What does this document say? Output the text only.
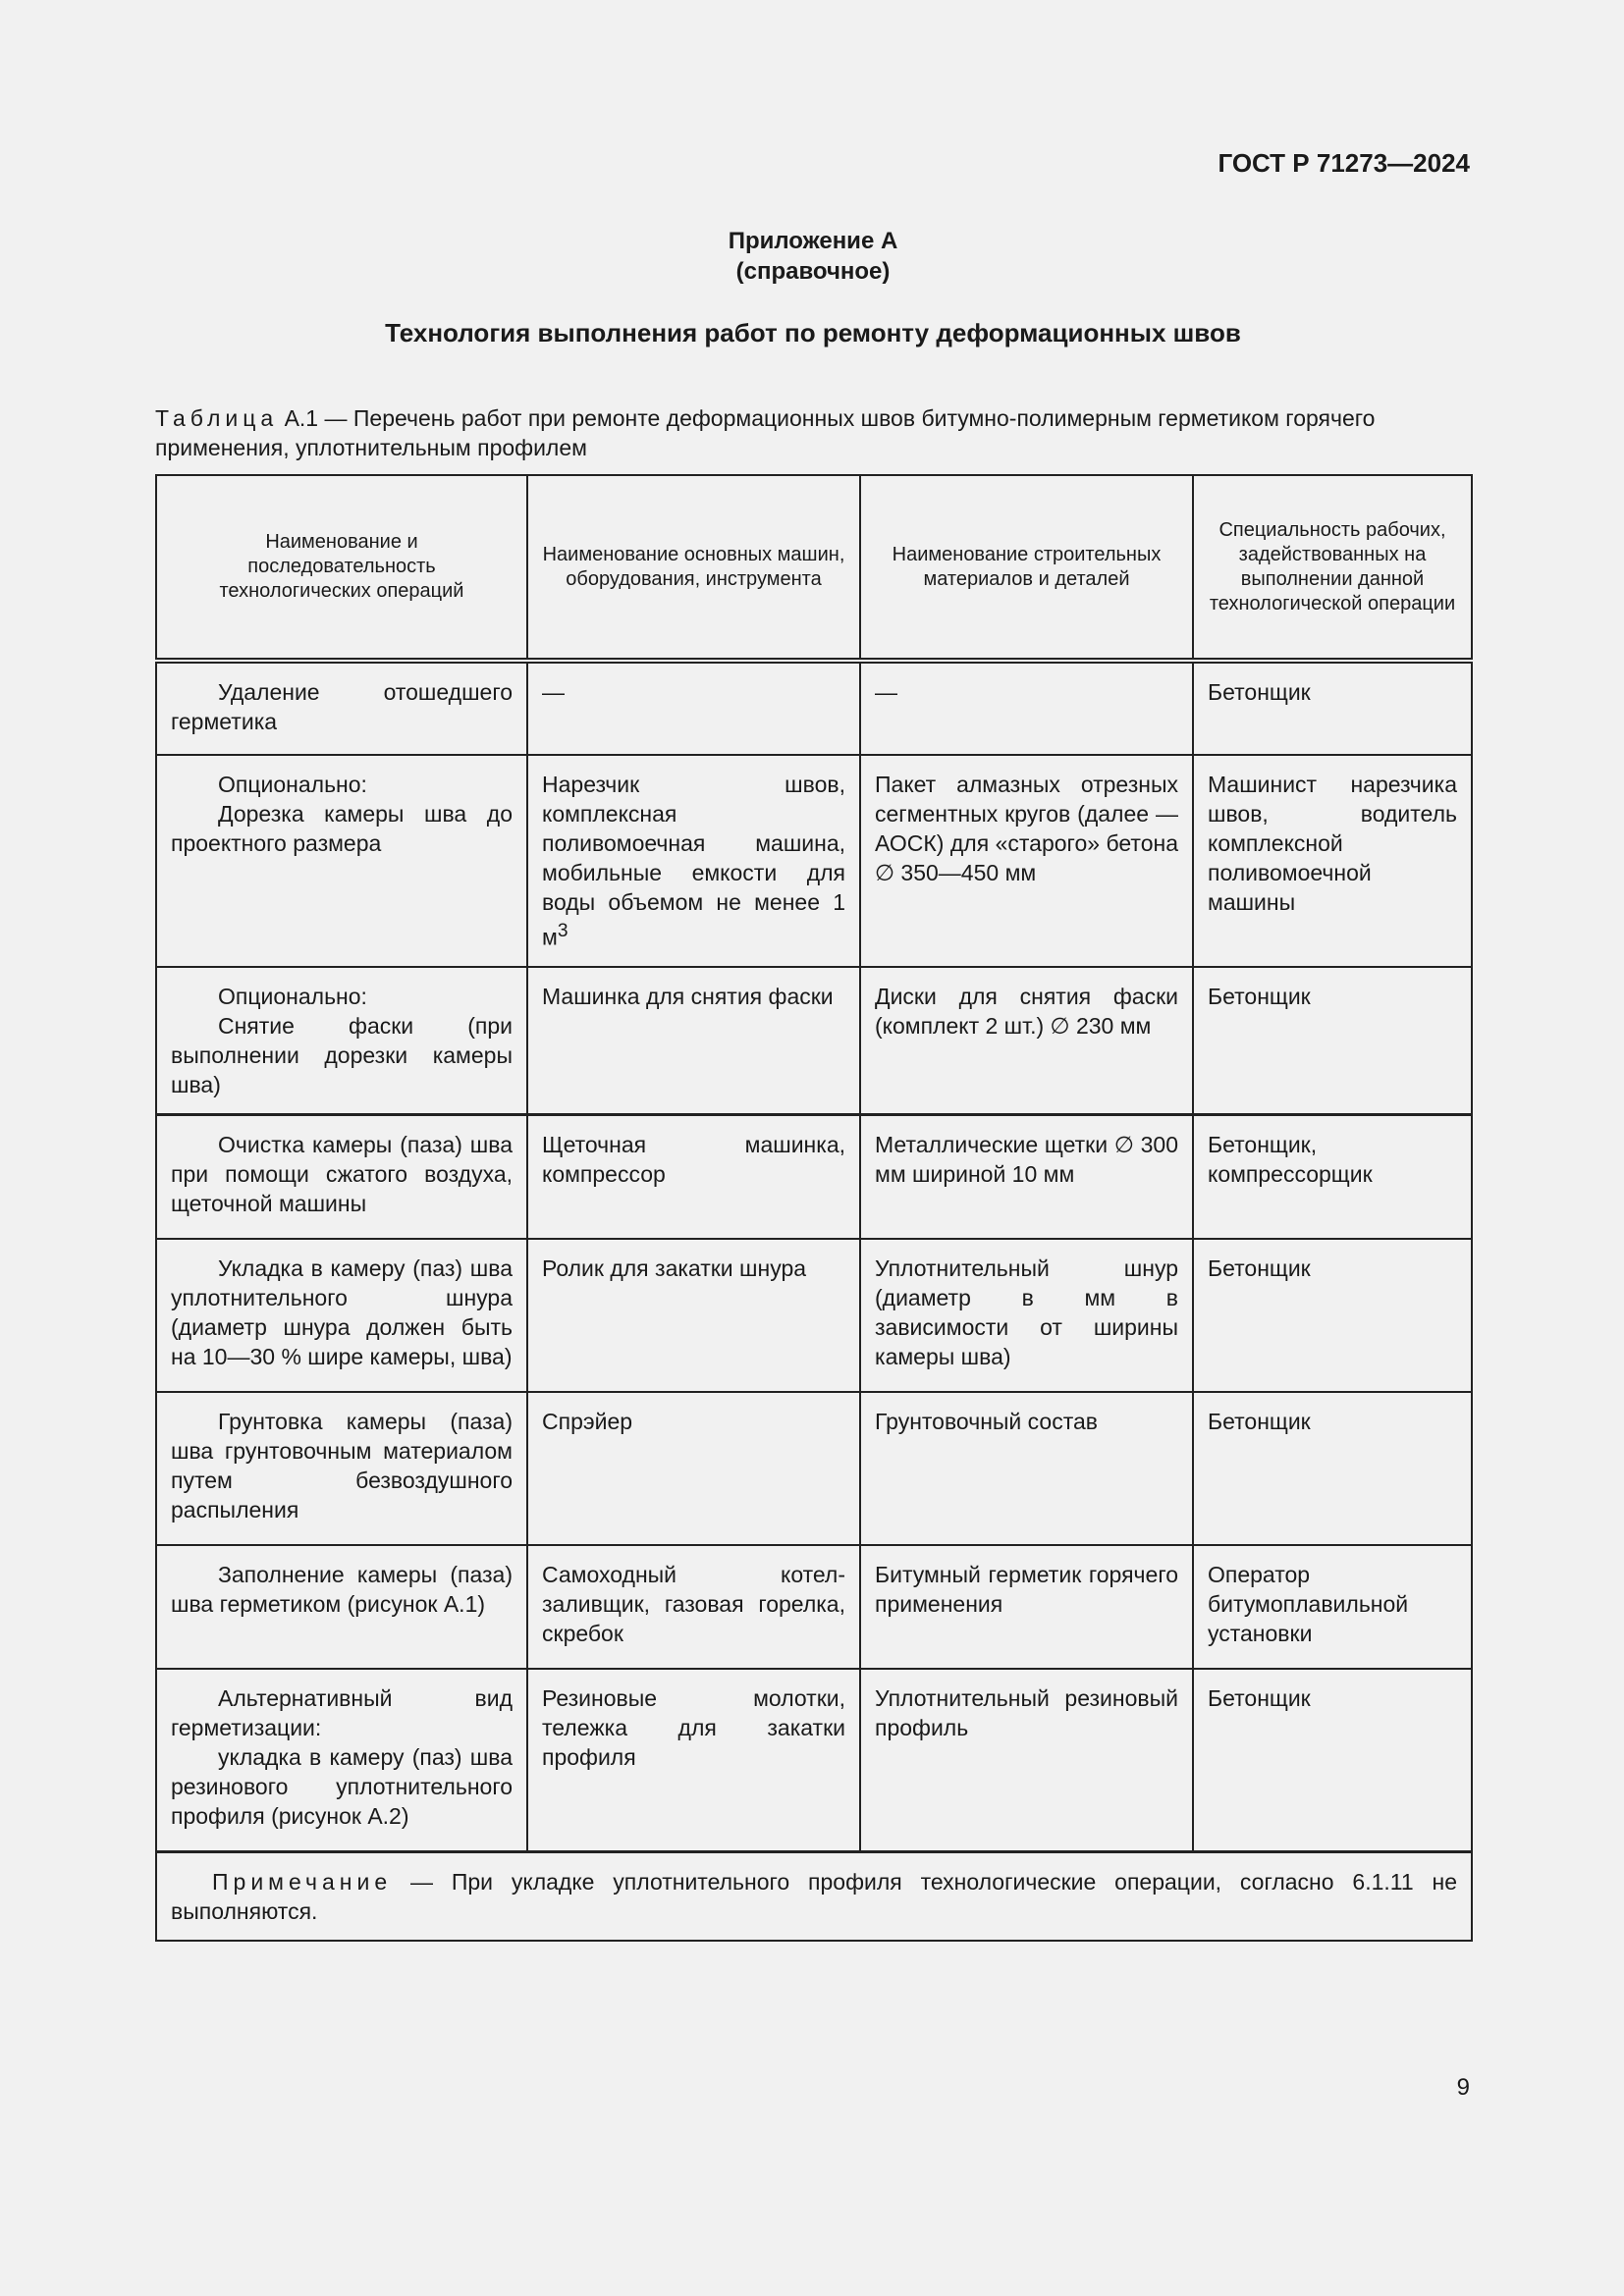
ГОСТ Р 71273—2024
Приложение А
(справочное)
Технология выполнения работ по ремонту деформационных швов
Таблица А.1 — Перечень работ при ремонте деформационных швов битумно-полимерным герметиком горячего применения, уплотнительным профилем
Наименование и последовательность технологических операций	Наименование основных машин, оборудования, инструмента	Наименование строительных материалов и деталей	Специальность рабочих, задействованных на выполнении данной технологической операции

Удаление отошедшего герметика	—	—	Бетонщик

Опционально:
Дорезка камеры шва до проектного размера	Нарезчик швов, комплексная поливомоечная машина, мобильные емкости для воды объемом не менее 1 $м^3$	Пакет алмазных отрезных сегментных кругов (далее — АОСК) для «старого» бетона ∅ 350—450 мм	Машинист нарезчика швов, водитель комплексной поливомоечной машины

Опционально:
Снятие фаски (при выполнении дорезки камеры шва)	Машинка для снятия фаски	Диски для снятия фаски (комплект 2 шт.) ∅ 230 мм	Бетонщик

Очистка камеры (паза) шва при помощи сжатого воздуха, щеточной машины	Щеточная машинка, компрессор	Металлические щетки ∅ 300 мм шириной 10 мм	Бетонщик, компрессорщик

Укладка в камеру (паз) шва уплотнительного шнура (диаметр шнура должен быть на 10—30 % шире камеры, шва)	Ролик для закатки шнура	Уплотнительный шнур (диаметр в мм в зависимости от ширины камеры шва)	Бетонщик

Грунтовка камеры (паза) шва грунтовочным материалом путем безвоздушного распыления	Спрэйер	Грунтовочный состав	Бетонщик

Заполнение камеры (паза) шва герметиком (рисунок А.1)	Самоходный котел-заливщик, газовая горелка, скребок	Битумный герметик горячего применения	Оператор битумоплавильной установки

Альтернативный вид герметизации:
укладка в камеру (паз) шва резинового уплотнительного профиля (рисунок А.2)	Резиновые молотки, тележка для закатки профиля	Уплотнительный резиновый профиль	Бетонщик
Примечание — При укладке уплотнительного профиля технологические операции, согласно 6.1.11 не выполняются.			
9
